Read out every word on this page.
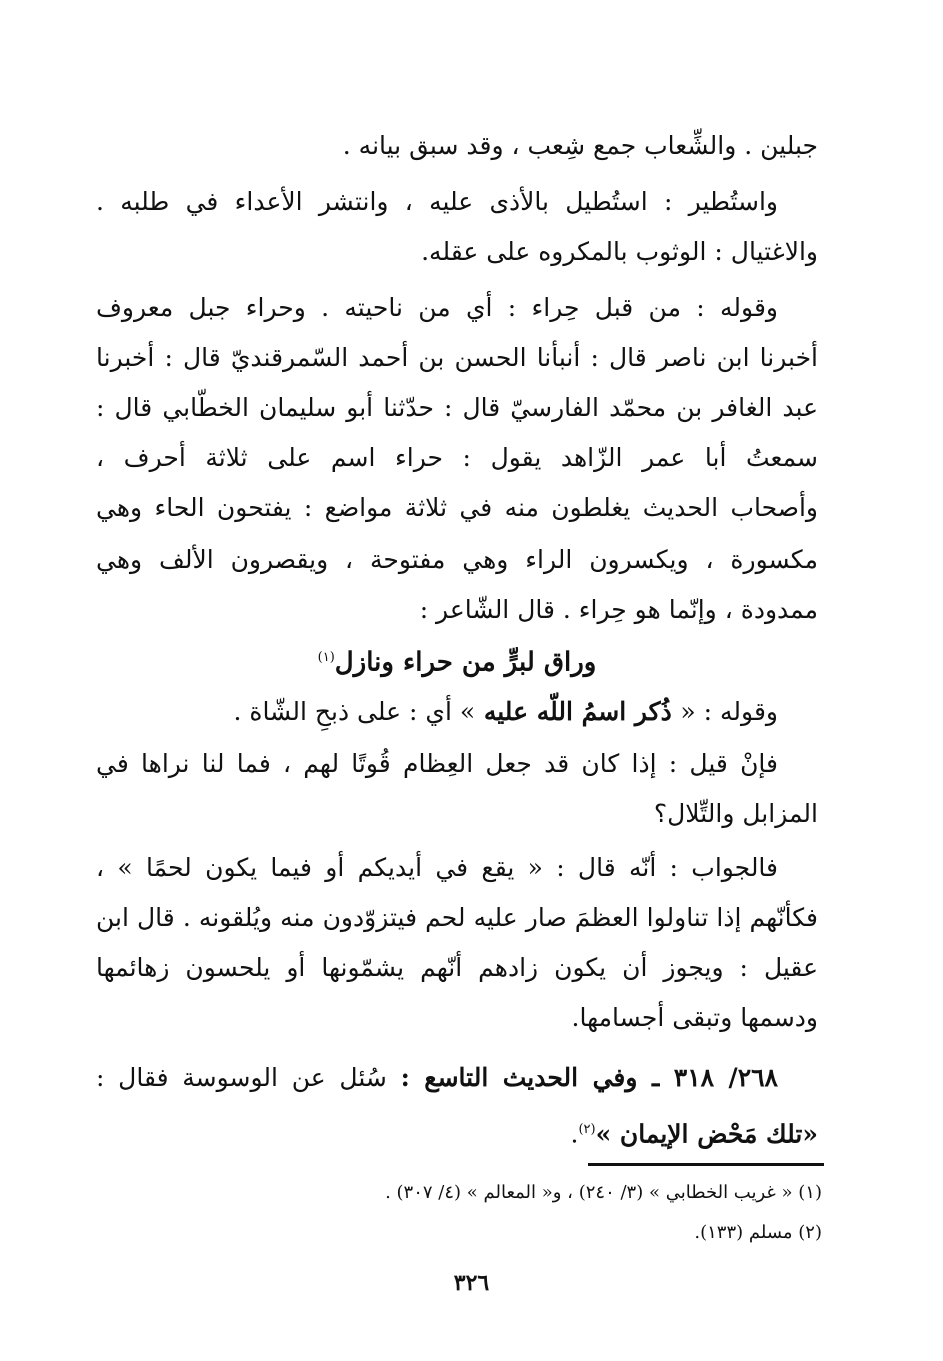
جبلين . والشِّعاب جمع شِعب ، وقد سبق بيانه .
واستُطير : استُطيل بالأذى عليه ، وانتشر الأعداء في طلبه .
والاغتيال : الوثوب بالمكروه على عقله.
وقوله : من قبل حِراء : أي من ناحيته . وحراء جبل معروف
أخبرنا ابن ناصر قال : أنبأنا الحسن بن أحمد السّمرقنديّ قال : أخبرنا
عبد الغافر بن محمّد الفارسيّ قال : حدّثنا أبو سليمان الخطّابي قال :
سمعتُ أبا عمر الزّاهد يقول : حراء اسم على ثلاثة أحرف ،
وأصحاب الحديث يغلطون منه في ثلاثة مواضع : يفتحون الحاء وهي
مكسورة ، ويكسرون الراء وهي مفتوحة ، ويقصرون الألف وهي
ممدودة ، وإنّما هو حِراء . قال الشّاعر :
وراق لبرٍّ من حراء ونازل$^{(١)}$
وقوله : « ذُكر اسمُ اللّه عليه » أي : على ذبحِ الشّاة .
فإنْ قيل : إذا كان قد جعل العِظام قُوتًا لهم ، فما لنا نراها في
المزابل والتِّلال؟
فالجواب : أنّه قال : « يقع في أيديكم أو فيما يكون لحمًا » ،
فكأنّهم إذا تناولوا العظمَ صار عليه لحم فيتزوّدون منه ويُلقونه . قال ابن
عقيل : ويجوز أن يكون زادهم أنّهم يشمّونها أو يلحسون زهائمها
ودسمها وتبقى أجسامها.
٢٦٨/ ٣١٨ ـ وفي الحديث التاسع : سُئل عن الوسوسة فقال :
«تلك مَحْض الإيمان »$^{(٢)}$.
(١) « غريب الخطابي » (٣/ ٢٤٠) ، و« المعالم » (٤/ ٣٠٧) .
(٢) مسلم (١٣٣).
٣٢٦
